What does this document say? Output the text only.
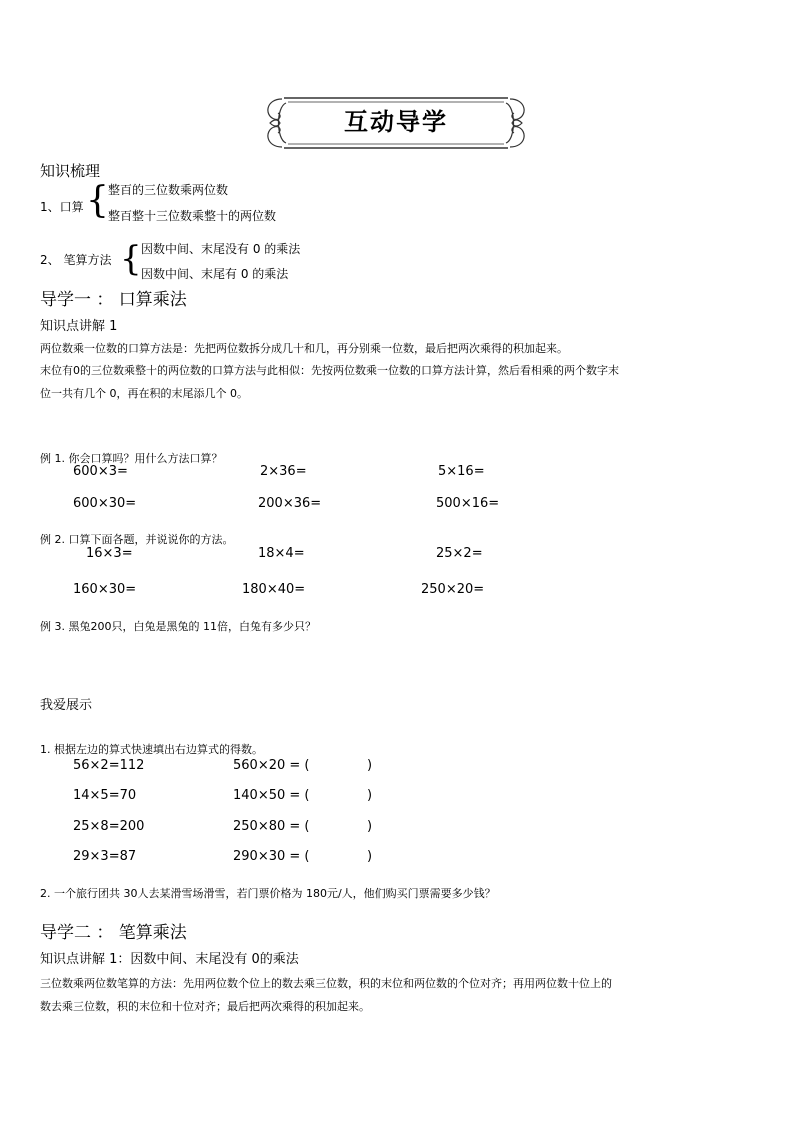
互动导学
知识梳理
1、口算 { 整百的三位数乘两位数
整百整十三位数乘整十的两位数
2、 笔算方法 { 因数中间、末尾没有 0 的乘法
因数中间、末尾有 0 的乘法
导学一 ： 口算乘法
知识点讲解 1
两位数乘一位数的口算方法是：先把两位数拆分成几十和几，再分别乘一位数，最后把两次乘得的积加起来。
末位有0的三位数乘整十的两位数的口算方法与此相似：先按两位数乘一位数的口算方法计算，然后看相乘的两个数字末
位一共有几个 0，再在积的末尾添几个 0。
例 1. 你会口算吗？用什么方法口算？
600×3=	2×36=	5×16=
600×30=	200×36=	500×16=
例 2. 口算下面各题，并说说你的方法。
16×3=	18×4=	25×2=
160×30=	180×40=	250×20=
例 3. 黑兔200只，白兔是黑兔的 11倍，白兔有多少只？
我爱展示
1. 根据左边的算式快速填出右边算式的得数。
56×2=112	560×20 = (	)
14×5=70	140×50 = (	)
25×8=200	250×80 = (	)
29×3=87	290×30 = (	)
2. 一个旅行团共 30人去某滑雪场滑雪，若门票价格为 180元/人，他们购买门票需要多少钱？
导学二 ： 笔算乘法
知识点讲解 1：因数中间、末尾没有 0的乘法
三位数乘两位数笔算的方法：先用两位数个位上的数去乘三位数，积的末位和两位数的个位对齐；再用两位数十位上的
数去乘三位数，积的末位和十位对齐；最后把两次乘得的积加起来。
